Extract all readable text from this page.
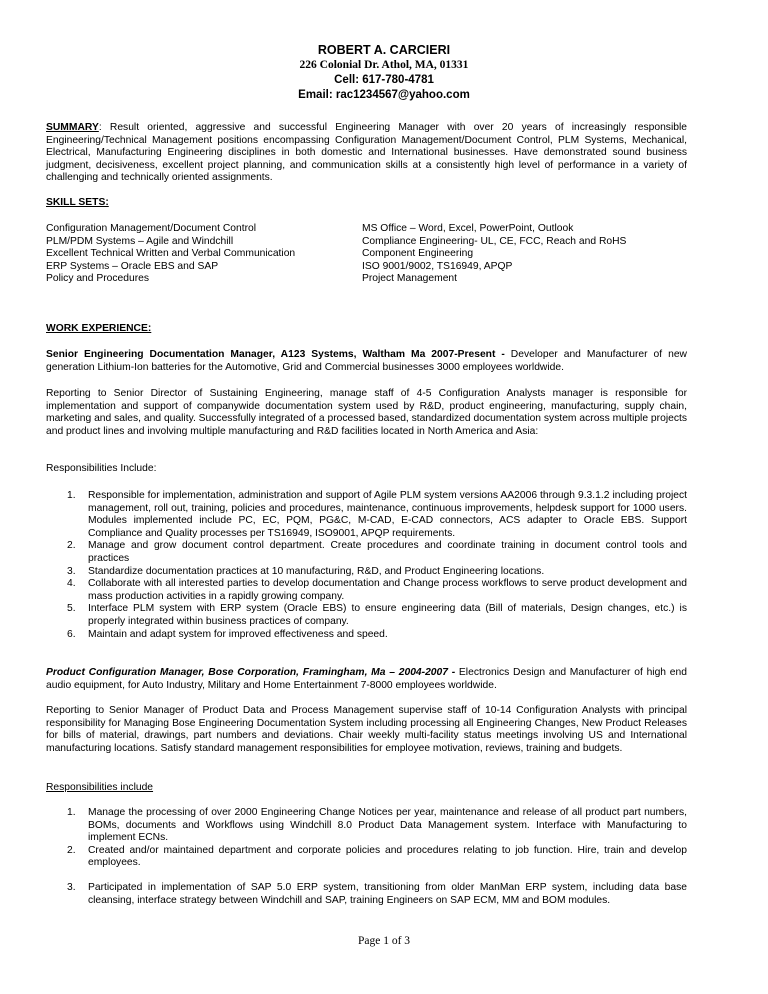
ROBERT A. CARCIERI
226 Colonial Dr. Athol, MA, 01331
Cell: 617-780-4781
Email: rac1234567@yahoo.com
SUMMARY: Result oriented, aggressive and successful Engineering Manager with over 20 years of increasingly responsible Engineering/Technical Management positions encompassing Configuration Management/Document Control, PLM Systems, Mechanical, Electrical, Manufacturing Engineering disciplines in both domestic and International businesses. Have demonstrated sound business judgment, decisiveness, excellent project planning, and communication skills at a consistently high level of performance in a variety of challenging and technically oriented assignments.
SKILL SETS:
Configuration Management/Document Control
PLM/PDM Systems – Agile and Windchill
Excellent Technical Written and Verbal Communication
ERP Systems – Oracle EBS and SAP
Policy and Procedures
MS Office – Word, Excel, PowerPoint, Outlook
Compliance Engineering- UL, CE, FCC, Reach and RoHS
Component Engineering
ISO 9001/9002, TS16949, APQP
Project Management
WORK EXPERIENCE:
Senior Engineering Documentation Manager, A123 Systems, Waltham Ma 2007-Present - Developer and Manufacturer of new generation Lithium-Ion batteries for the Automotive, Grid and Commercial businesses 3000 employees worldwide.
Reporting to Senior Director of Sustaining Engineering, manage staff of 4-5 Configuration Analysts manager is responsible for implementation and support of companywide documentation system used by R&D, product engineering, manufacturing, supply chain, marketing and sales, and quality. Successfully integrated of a processed based, standardized documentation system across multiple projects and product lines and involving multiple manufacturing and R&D facilities located in North America and Asia:
Responsibilities Include:
1. Responsible for implementation, administration and support of Agile PLM system versions AA2006 through 9.3.1.2 including project management, roll out, training, policies and procedures, maintenance, continuous improvements, helpdesk support for 1000 users. Modules implemented include PC, EC, PQM, PG&C, M-CAD, E-CAD connectors, ACS adapter to Oracle EBS. Support Compliance and Quality processes per TS16949, ISO9001, APQP requirements.
2. Manage and grow document control department. Create procedures and coordinate training in document control tools and practices
3. Standardize documentation practices at 10 manufacturing, R&D, and Product Engineering locations.
4. Collaborate with all interested parties to develop documentation and Change process workflows to serve product development and mass production activities in a rapidly growing company.
5. Interface PLM system with ERP system (Oracle EBS) to ensure engineering data (Bill of materials, Design changes, etc.) is properly integrated within business practices of company.
6. Maintain and adapt system for improved effectiveness and speed.
Product Configuration Manager, Bose Corporation, Framingham, Ma – 2004-2007 - Electronics Design and Manufacturer of high end audio equipment, for Auto Industry, Military and Home Entertainment 7-8000 employees worldwide.
Reporting to Senior Manager of Product Data and Process Management supervise staff of 10-14 Configuration Analysts with principal responsibility for Managing Bose Engineering Documentation System including processing all Engineering Changes, New Product Releases for bills of material, drawings, part numbers and deviations. Chair weekly multi-facility status meetings involving US and International manufacturing locations. Satisfy standard management responsibilities for employee motivation, reviews, training and budgets.
Responsibilities include
1. Manage the processing of over 2000 Engineering Change Notices per year, maintenance and release of all product part numbers, BOMs, documents and Workflows using Windchill 8.0 Product Data Management system. Interface with Manufacturing to implement ECNs.
2. Created and/or maintained department and corporate policies and procedures relating to job function. Hire, train and develop employees.
3. Participated in implementation of SAP 5.0 ERP system, transitioning from older ManMan ERP system, including data base cleansing, interface strategy between Windchill and SAP, training Engineers on SAP ECM, MM and BOM modules.
Page 1 of 3
